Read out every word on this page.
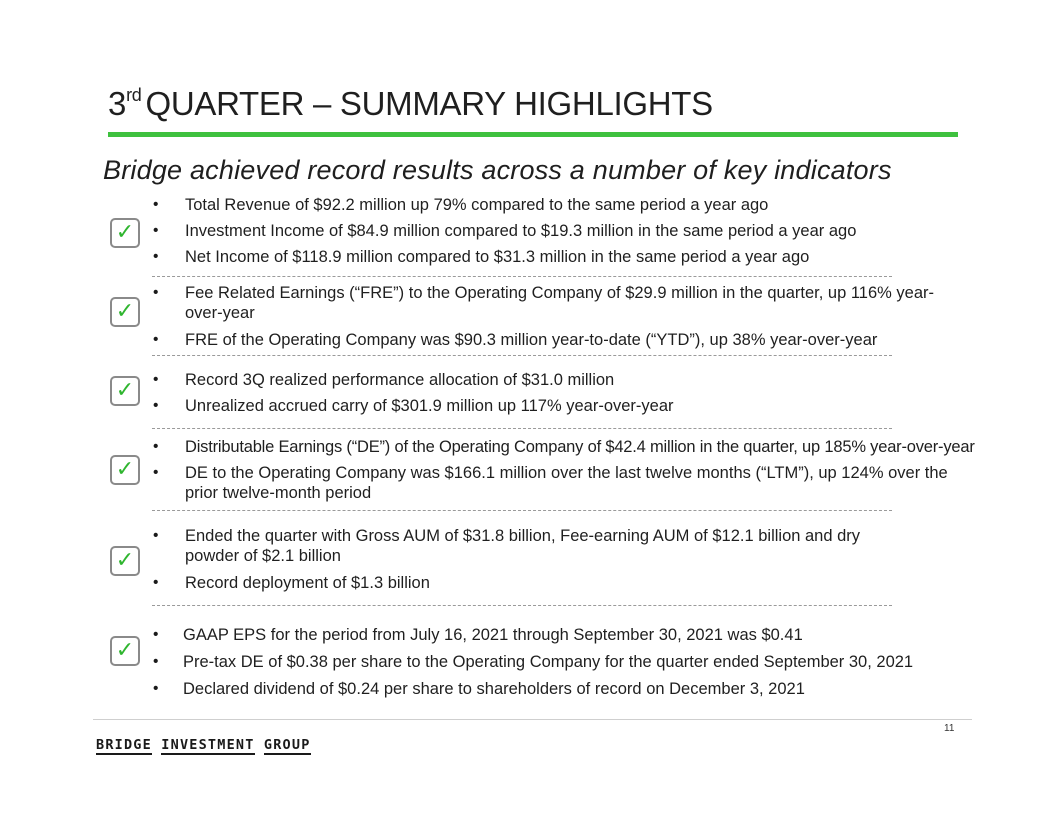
3rd QUARTER – SUMMARY HIGHLIGHTS
Bridge achieved record results across a number of key indicators
✓
• Total Revenue of $92.2 million up 79% compared to the same period a year ago
• Investment Income of $84.9 million compared to $19.3 million in the same period a year ago
• Net Income of $118.9 million compared to $31.3 million in the same period a year ago
✓
• Fee Related Earnings (“FRE”) to the Operating Company of $29.9 million in the quarter, up 116% year-over-year
• FRE of the Operating Company was $90.3 million year-to-date (“YTD”), up 38% year-over-year
✓	• Record 3Q realized performance allocation of $31.0 million
• Unrealized accrued carry of $301.9 million up 117% year-over-year
✓
• Distributable Earnings (“DE”) of the Operating Company of $42.4 million in the quarter, up 185% year-over-year
• DE to the Operating Company was $166.1 million over the last twelve months (“LTM”), up 124% over the prior twelve-month period
✓
• Ended the quarter with Gross AUM of $31.8 billion, Fee-earning AUM of $12.1 billion and dry powder of $2.1 billion
• Record deployment of $1.3 billion
✓
• GAAP EPS for the period from July 16, 2021 through September 30, 2021 was $0.41
• Pre-tax DE of $0.38 per share to the Operating Company for the quarter ended September 30, 2021
• Declared dividend of $0.24 per share to shareholders of record on December 3, 2021
11
BRIDGE INVESTMENT GROUP
